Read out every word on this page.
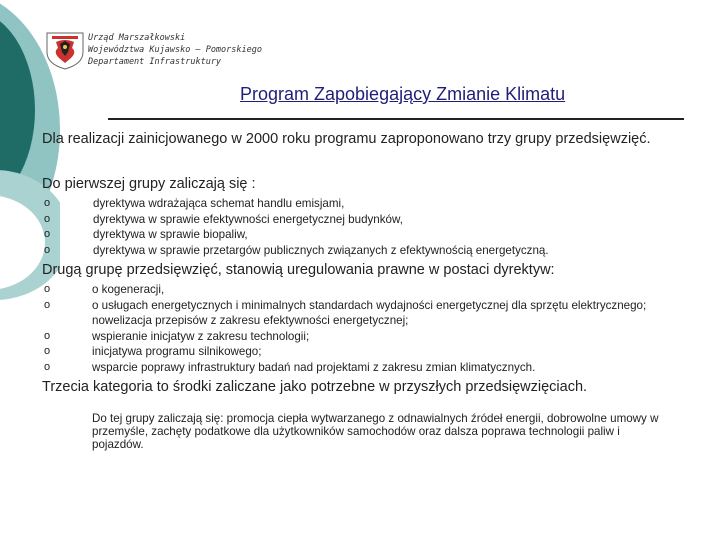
Urząd Marszałkowski
Województwa Kujawsko – Pomorskiego
Departament Infrastruktury
Program Zapobiegający Zmianie Klimatu
Dla realizacji zainicjowanego w 2000 roku programu zaproponowano trzy grupy przedsięwzięć.
Do pierwszej grupy zaliczają się :
o	dyrektywa wdrażająca schemat handlu emisjami,
o	dyrektywa w sprawie efektywności energetycznej budynków,
o	dyrektywa w sprawie biopaliw,
o	dyrektywa w sprawie przetargów publicznych związanych z efektywnością energetyczną.
Drugą grupę przedsięwzięć, stanowią uregulowania prawne w postaci dyrektyw:
o	o kogeneracji,
o	o usługach energetycznych i minimalnych standardach wydajności energetycznej dla sprzętu elektrycznego; nowelizacja przepisów z zakresu efektywności energetycznej;
o	wspieranie inicjatyw z zakresu technologii;
o	inicjatywa programu silnikowego;
o	wsparcie poprawy infrastruktury badań nad projektami z zakresu zmian klimatycznych.
Trzecia kategoria to środki zaliczane jako potrzebne w przyszłych przedsięwzięciach.
Do tej grupy zaliczają się: promocja ciepła wytwarzanego z odnawialnych źródeł energii, dobrowolne umowy w przemyśle, zachęty podatkowe dla użytkowników samochodów oraz dalsza poprawa technologii paliw i pojazdów.
